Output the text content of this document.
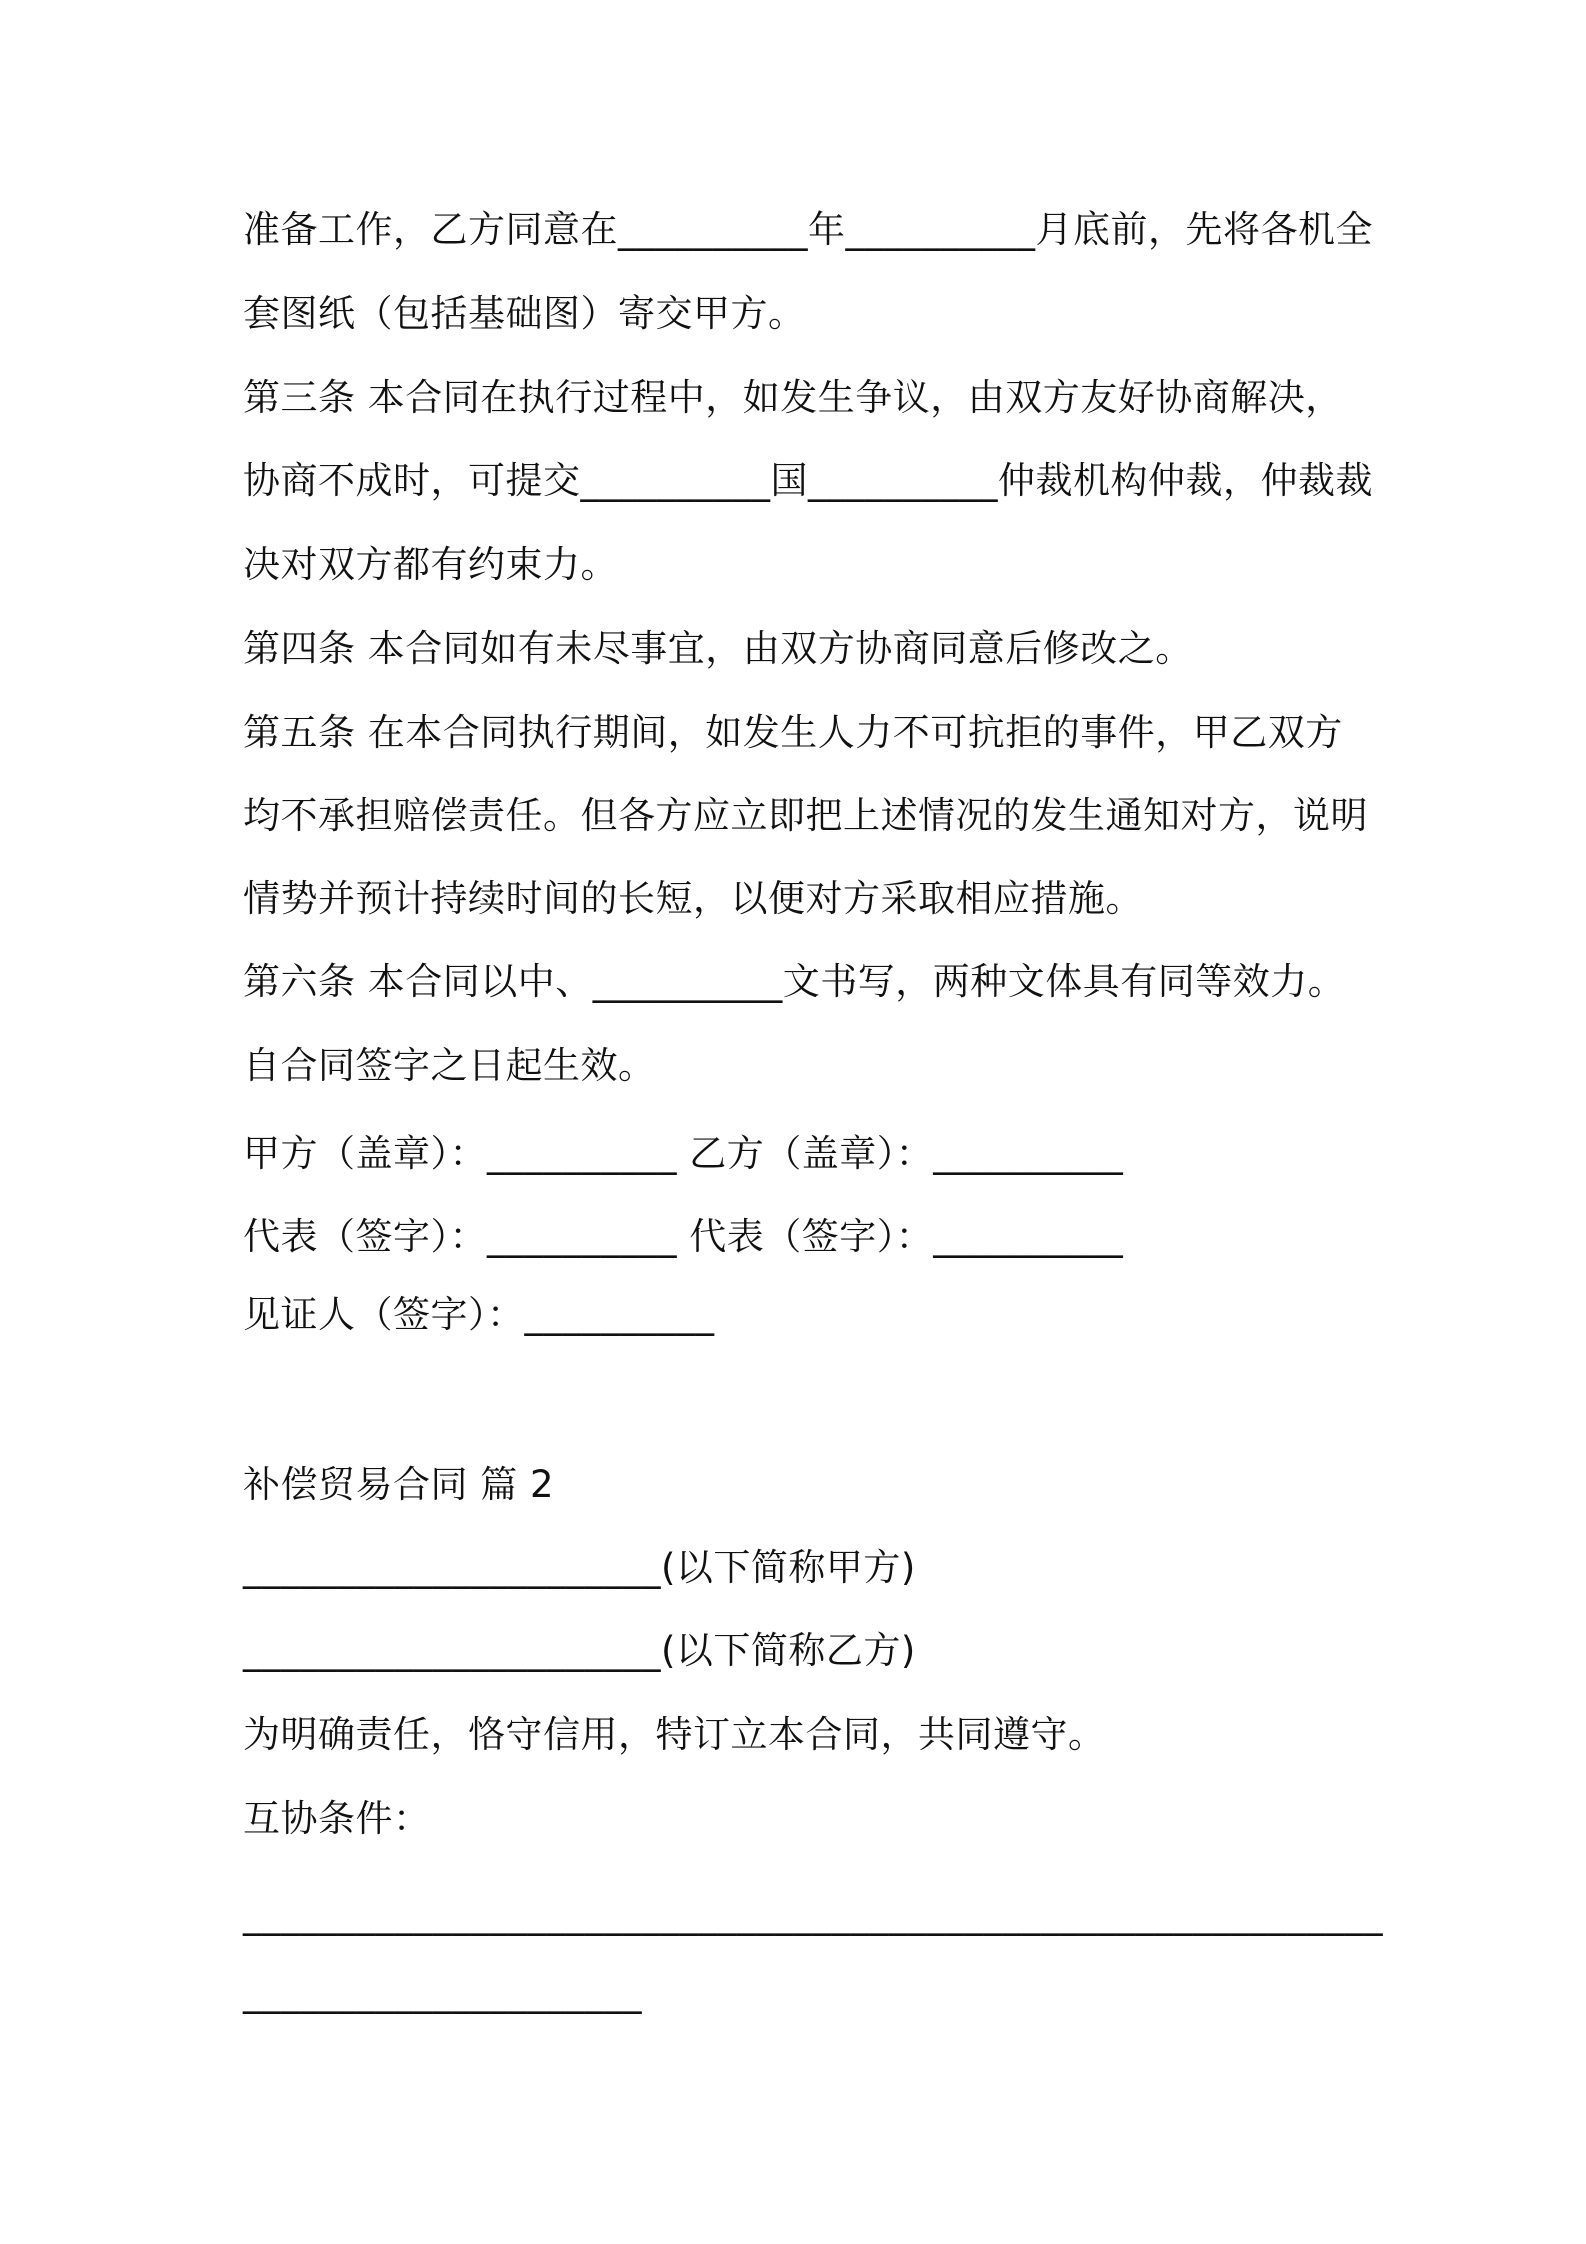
准备工作，乙方同意在__________年__________月底前，先将各机全
套图纸（包括基础图）寄交甲方。
第三条 本合同在执行过程中，如发生争议，由双方友好协商解决，
协商不成时，可提交__________国__________仲裁机构仲裁，仲裁裁
决对双方都有约束力。
第四条 本合同如有未尽事宜，由双方协商同意后修改之。
第五条 在本合同执行期间，如发生人力不可抗拒的事件，甲乙双方
均不承担赔偿责任。但各方应立即把上述情况的发生通知对方，说明
情势并预计持续时间的长短，以便对方采取相应措施。
第六条 本合同以中、__________文书写，两种文体具有同等效力。
自合同签字之日起生效。
甲方（盖章）：__________ 乙方（盖章）：__________
代表（签字）：__________ 代表（签字）：__________
见证人（签字）：__________
补偿贸易合同 篇 2
______________________(以下简称甲方)
______________________(以下简称乙方)
为明确责任，恪守信用，特订立本合同，共同遵守。
互协条件：
____________________________________________________________
_____________________
